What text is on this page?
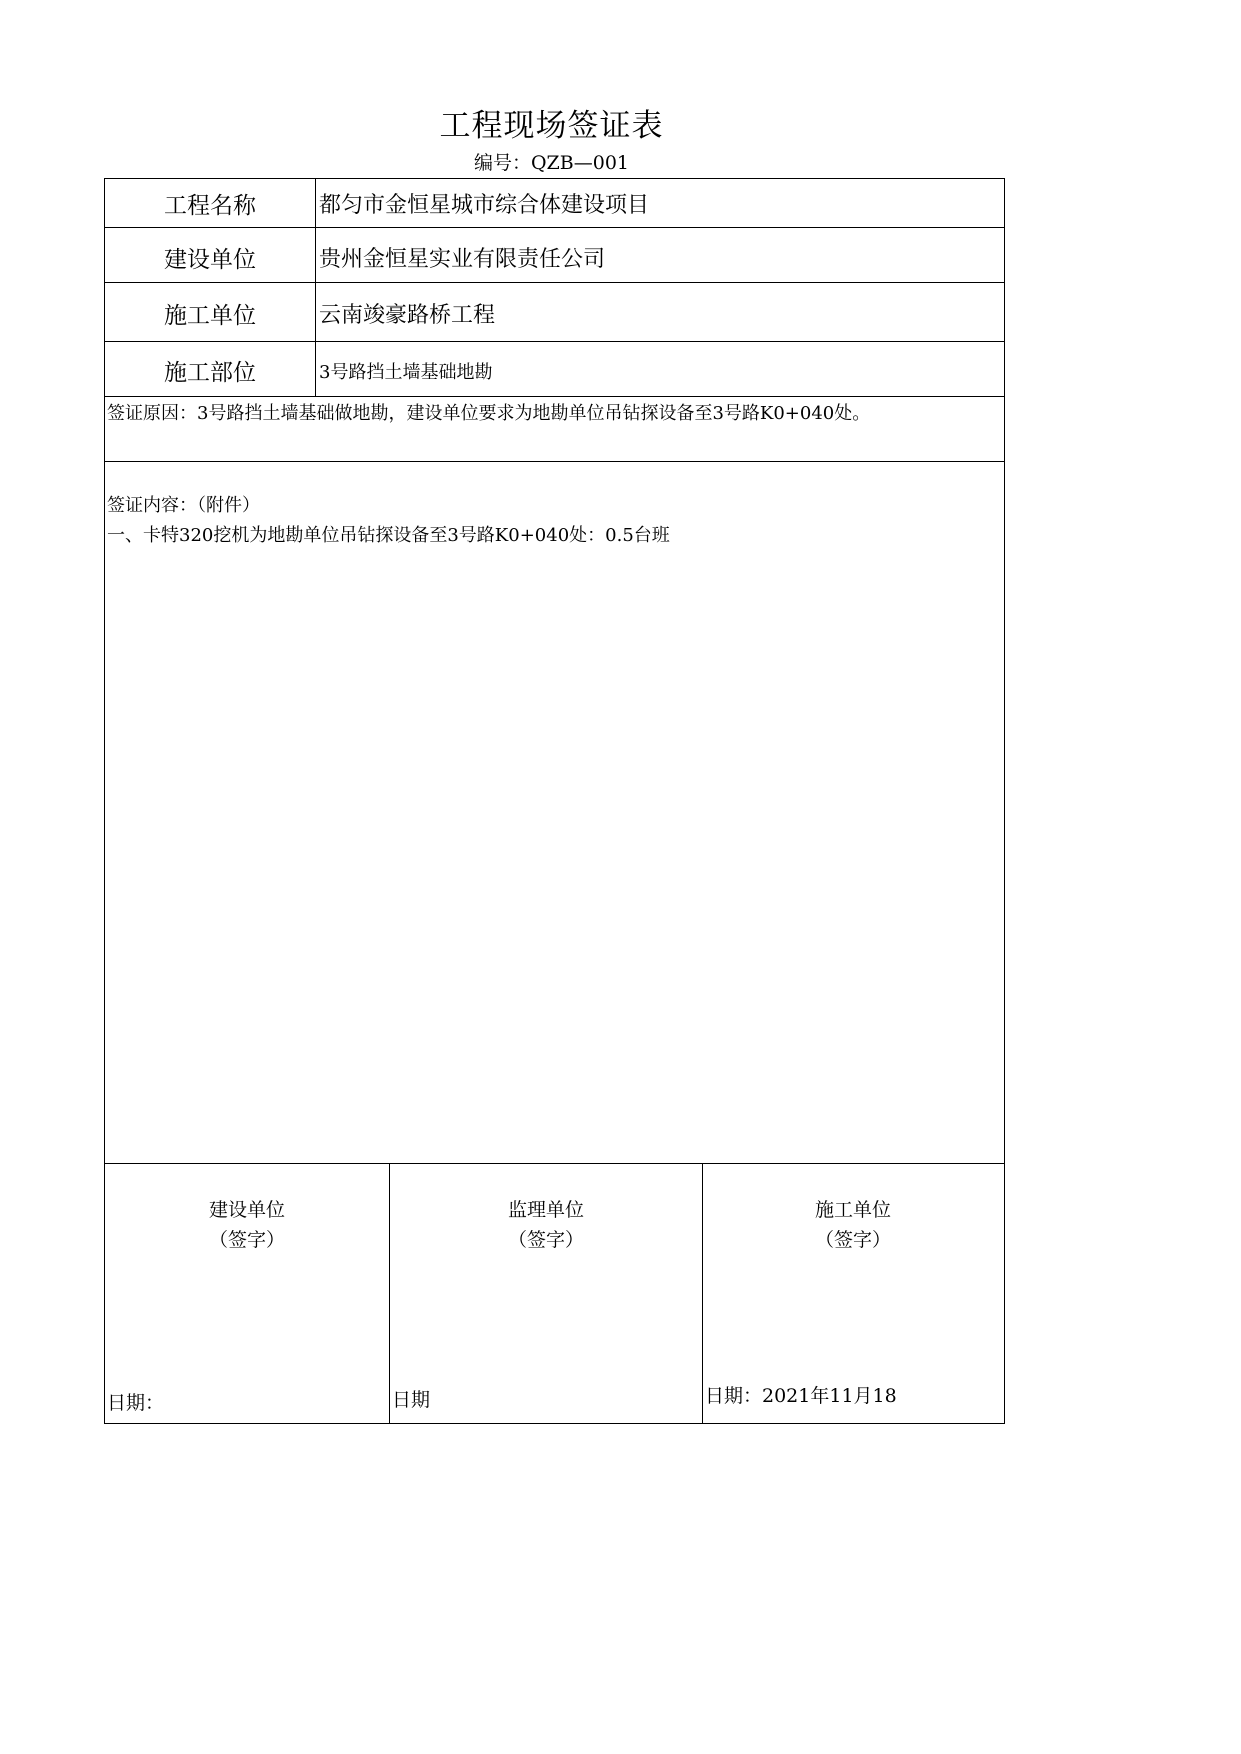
工程现场签证表
编号：QZB—001
工程名称	都匀市金恒星城市综合体建设项目
建设单位	贵州金恒星实业有限责任公司
施工单位	云南竣豪路桥工程
施工部位	3号路挡土墙基础地勘
签证原因：3号路挡土墙基础做地勘，建设单位要求为地勘单位吊钻探设备至3号路K0+040处。
签证内容：（附件）
一、卡特320挖机为地勘单位吊钻探设备至3号路K0+040处：0.5台班
建设单位
（签字）
日期：
监理单位
（签字）
日期
施工单位
（签字）
日期：2021年11月18
